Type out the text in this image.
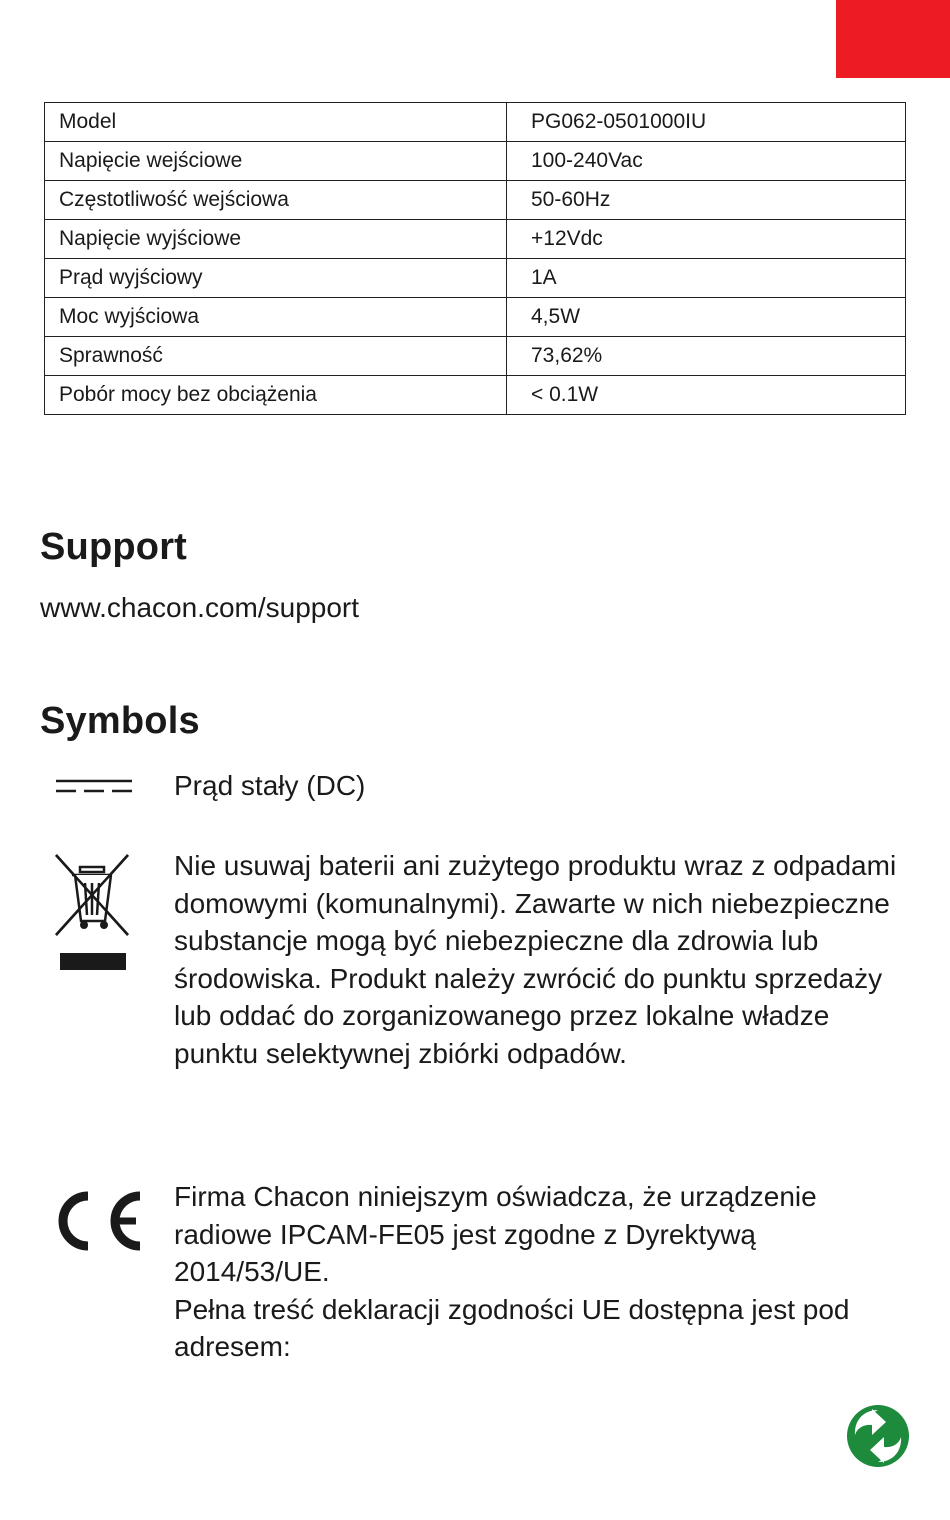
Model	PG062-0501000IU
Napięcie wejściowe	100-240Vac
Częstotliwość wejściowa	50-60Hz
Napięcie wyjściowe	+12Vdc
Prąd wyjściowy	1A
Moc wyjściowa	4,5W
Sprawność	73,62%
Pobór mocy bez obciążenia	< 0.1W
Support
www.chacon.com/support
Symbols

Prąd stały (DC)

Nie usuwaj baterii ani zużytego produktu wraz z odpadami domowymi (komunalnymi). Zawarte w nich niebezpieczne substancje mogą być niebezpieczne dla zdrowia lub środowiska. Produkt należy zwrócić do punktu sprzedaży lub oddać do zorganizowanego przez lokalne władze punktu selektywnej zbiórki odpadów.

Firma Chacon niniejszym oświadcza, że urządzenie radiowe IPCAM-FE05 jest zgodne z Dyrektywą 2014/53/UE.
Pełna treść deklaracji zgodności UE dostępna jest pod adresem:
